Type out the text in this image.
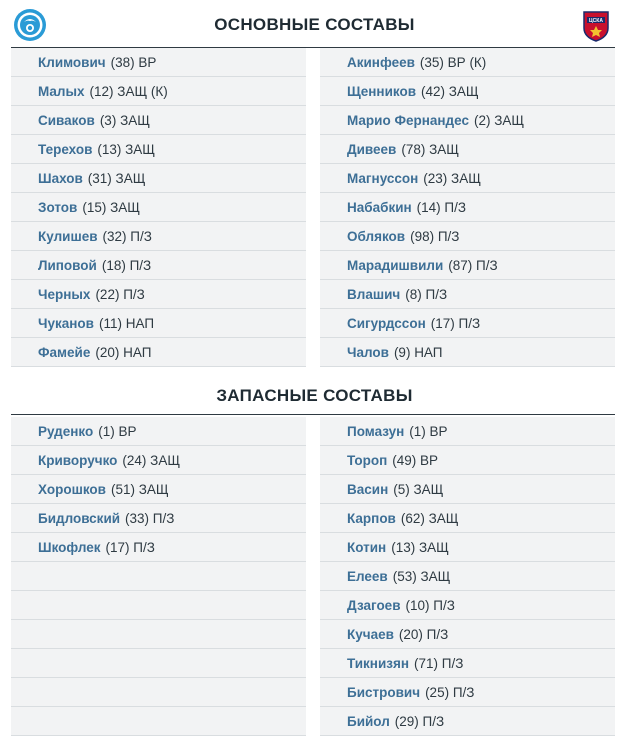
ОСНОВНЫЕ СОСТАВЫ	ЦСКА
Климович (38) ВР
Малых (12) ЗАЩ (К)
Сиваков (3) ЗАЩ
Терехов (13) ЗАЩ
Шахов (31) ЗАЩ
Зотов (15) ЗАЩ
Кулишев (32) П/З
Липовой (18) П/З
Черных (22) П/З
Чуканов (11) НАП
Фамейе (20) НАП
Акинфеев (35) ВР (К)
Щенников (42) ЗАЩ
Марио Фернандес (2) ЗАЩ
Дивеев (78) ЗАЩ
Магнуссон (23) ЗАЩ
Набабкин (14) П/З
Обляков (98) П/З
Марадишвили (87) П/З
Влашич (8) П/З
Сигурдссон (17) П/З
Чалов (9) НАП
ЗАПАСНЫЕ СОСТАВЫ
Руденко (1) ВР
Криворучко (24) ЗАЩ
Хорошков (51) ЗАЩ
Бидловский (33) П/З
Шкофлек (17) П/З
Помазун (1) ВР
Тороп (49) ВР
Васин (5) ЗАЩ
Карпов (62) ЗАЩ
Котин (13) ЗАЩ
Елеев (53) ЗАЩ
Дзагоев (10) П/З
Кучаев (20) П/З
Тикнизян (71) П/З
Бистрович (25) П/З
Бийол (29) П/З
